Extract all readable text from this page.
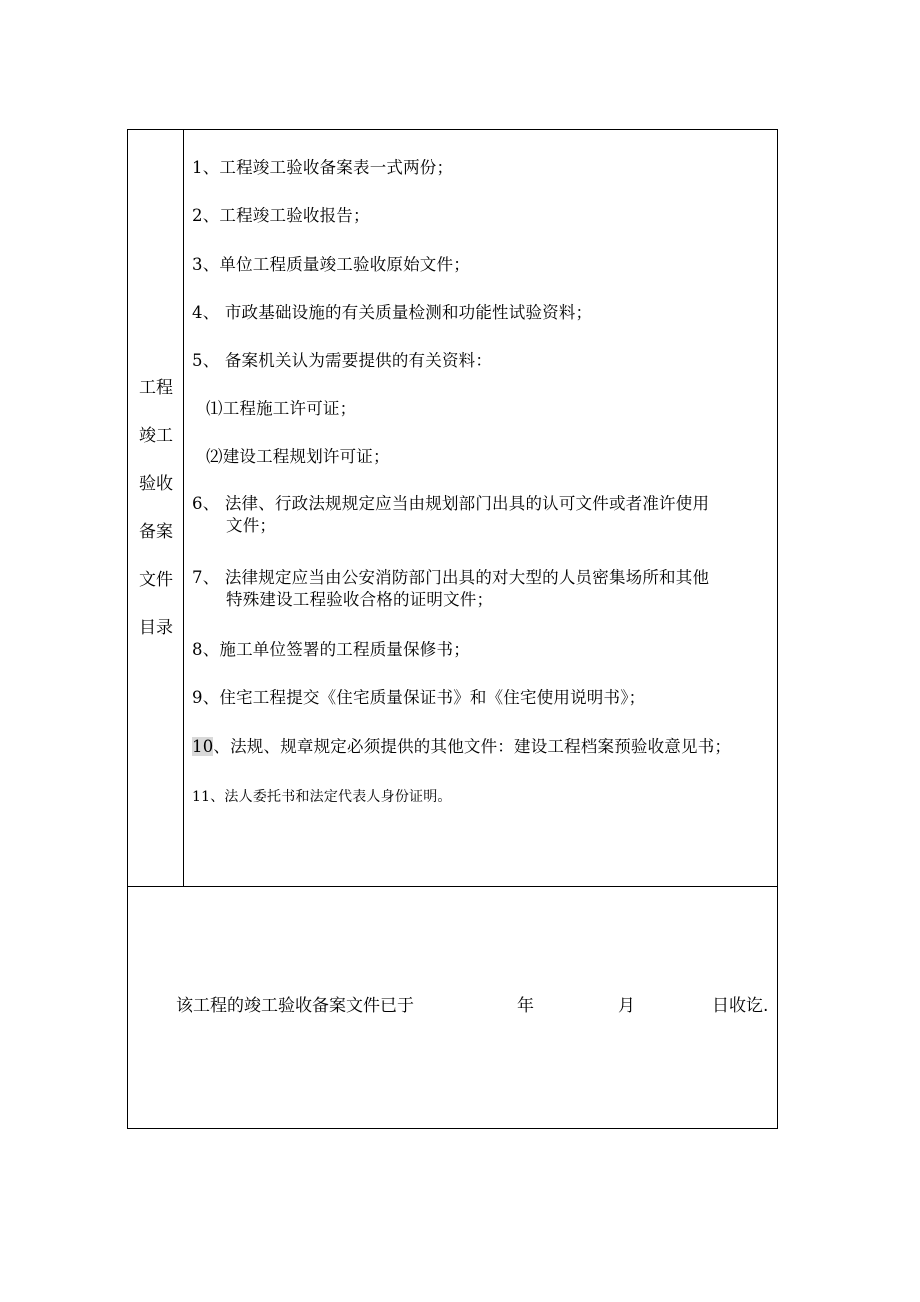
工程
竣工
验收
备案
文件
目录
1、工程竣工验收备案表一式两份；
2、工程竣工验收报告；
3、单位工程质量竣工验收原始文件；
4、 市政基础设施的有关质量检测和功能性试验资料；
5、 备案机关认为需要提供的有关资料：
⑴工程施工许可证；
⑵建设工程规划许可证；
6、 法律、行政法规规定应当由规划部门出具的认可文件或者准许使用
文件；
7、 法律规定应当由公安消防部门出具的对大型的人员密集场所和其他
特殊建设工程验收合格的证明文件；
8、施工单位签署的工程质量保修书；
9、住宅工程提交《住宅质量保证书》和《住宅使用说明书》；
10、法规、规章规定必须提供的其他文件：建设工程档案预验收意见书；
11、法人委托书和法定代表人身份证明。
该工程的竣工验收备案文件已于	年	月	日收讫.
